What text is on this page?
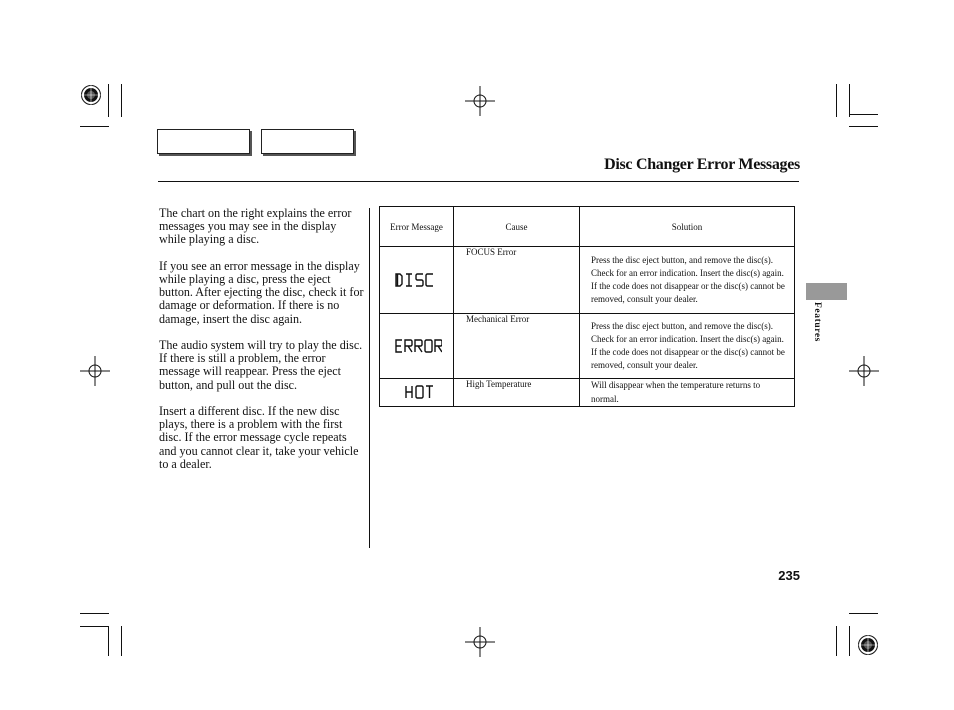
Disc Changer Error Messages

The chart on the right explains the error messages you may see in the display while playing a disc.

If you see an error message in the display while playing a disc, press the eject button. After ejecting the disc, check it for damage or deformation. If there is no damage, insert the disc again.

The audio system will try to play the disc. If there is still a problem, the error message will reappear. Press the eject button, and pull out the disc.

Insert a different disc. If the new disc plays, there is a problem with the first disc. If the error message cycle repeats and you cannot clear it, take your vehicle to a dealer.

Error Message	Cause	Solution

	FOCUS Error	Press the disc eject button, and remove the disc(s). Check for an error indication. Insert the disc(s) again. If the code does not disappear or the disc(s) cannot be removed, consult your dealer.

	Mechanical Error	Press the disc eject button, and remove the disc(s). Check for an error indication. Insert the disc(s) again. If the code does not disappear or the disc(s) cannot be removed, consult your dealer.

	High Temperature	Will disappear when the temperature returns to normal.
Features
235
